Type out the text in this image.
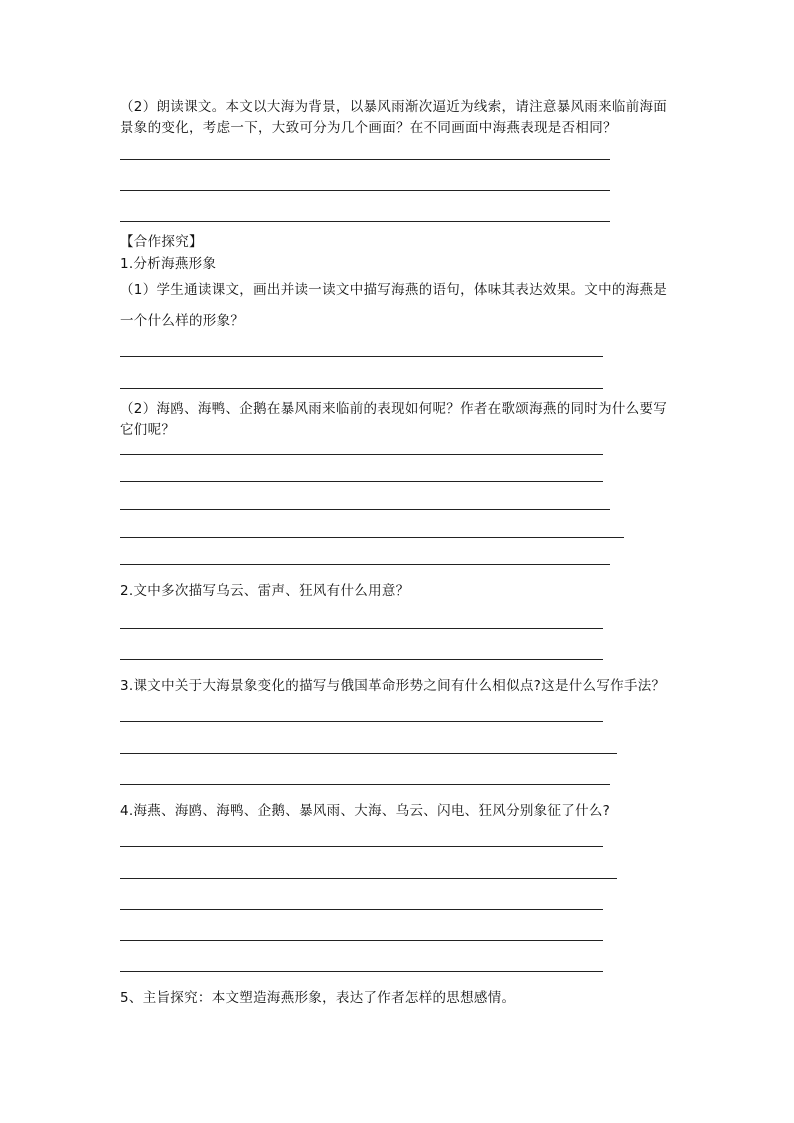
（2）朗读课文。本文以大海为背景，以暴风雨渐次逼近为线索，请注意暴风雨来临前海面
景象的变化，考虑一下，大致可分为几个画面？在不同画面中海燕表现是否相同？
【合作探究】
1.分析海燕形象
（1）学生通读课文，画出并读一读文中描写海燕的语句，体味其表达效果。文中的海燕是
一个什么样的形象？
（2）海鸥、海鸭、企鹅在暴风雨来临前的表现如何呢？作者在歌颂海燕的同时为什么要写
它们呢？
2.文中多次描写乌云、雷声、狂风有什么用意？
3.课文中关于大海景象变化的描写与俄国革命形势之间有什么相似点?这是什么写作手法？
4.海燕、海鸥、海鸭、企鹅、暴风雨、大海、乌云、闪电、狂风分别象征了什么?
5、主旨探究：本文塑造海燕形象，表达了作者怎样的思想感情。
